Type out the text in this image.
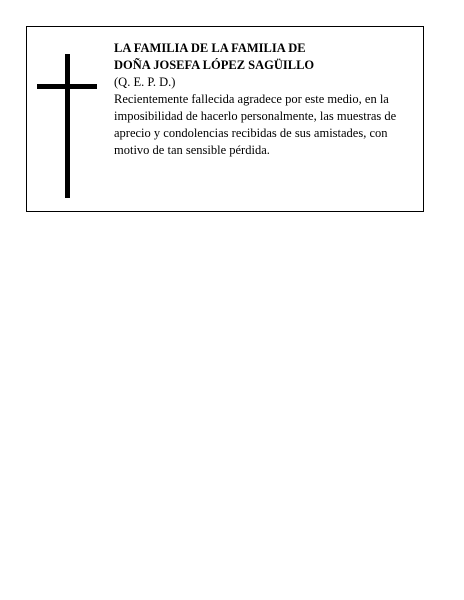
LA FAMILIA DE LA FAMILIA DE
DOÑA JOSEFA LÓPEZ SAGÜILLO
(Q. E. P. D.)

Recientemente fallecida agradece por este medio, en la imposibilidad de hacerlo personalmente, las muestras de aprecio y condolencias recibidas de sus amistades, con motivo de tan sensible pérdida.
